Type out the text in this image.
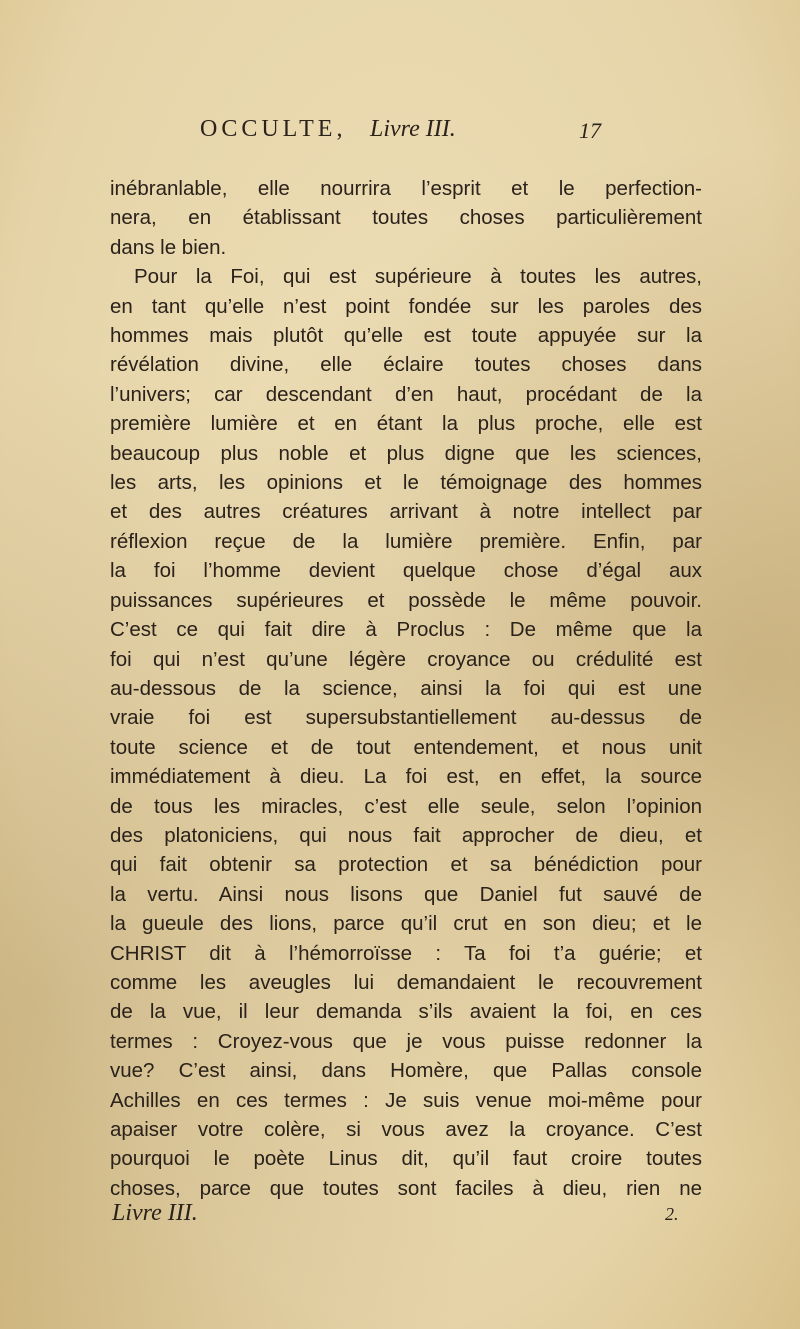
OCCULTE, Livre III.	17
inébranlable, elle nourrira l’esprit et le perfection-
nera, en établissant toutes choses particulièrement
dans le bien.
Pour la Foi, qui est supérieure à toutes les autres,
en tant qu’elle n’est point fondée sur les paroles des
hommes mais plutôt qu’elle est toute appuyée sur la
révélation divine, elle éclaire toutes choses dans
l’univers; car descendant d’en haut, procédant de la
première lumière et en étant la plus proche, elle est
beaucoup plus noble et plus digne que les sciences,
les arts, les opinions et le témoignage des hommes
et des autres créatures arrivant à notre intellect par
réflexion reçue de la lumière première. Enfin, par
la foi l’homme devient quelque chose d’égal aux
puissances supérieures et possède le même pouvoir.
C’est ce qui fait dire à Proclus : De même que la
foi qui n’est qu’une légère croyance ou crédulité est
au-dessous de la science, ainsi la foi qui est une
vraie foi est supersubstantiellement au-dessus de
toute science et de tout entendement, et nous unit
immédiatement à dieu. La foi est, en effet, la source
de tous les miracles, c’est elle seule, selon l’opinion
des platoniciens, qui nous fait approcher de dieu, et
qui fait obtenir sa protection et sa bénédiction pour
la vertu. Ainsi nous lisons que Daniel fut sauvé de
la gueule des lions, parce qu’il crut en son dieu; et le
CHRIST dit à l’hémorroïsse : Ta foi t’a guérie; et
comme les aveugles lui demandaient le recouvrement
de la vue, il leur demanda s’ils avaient la foi, en ces
termes : Croyez-vous que je vous puisse redonner la
vue? C’est ainsi, dans Homère, que Pallas console
Achilles en ces termes : Je suis venue moi-même pour
apaiser votre colère, si vous avez la croyance. C’est
pourquoi le poète Linus dit, qu’il faut croire toutes
choses, parce que toutes sont faciles à dieu, rien ne
Livre III.	2.
